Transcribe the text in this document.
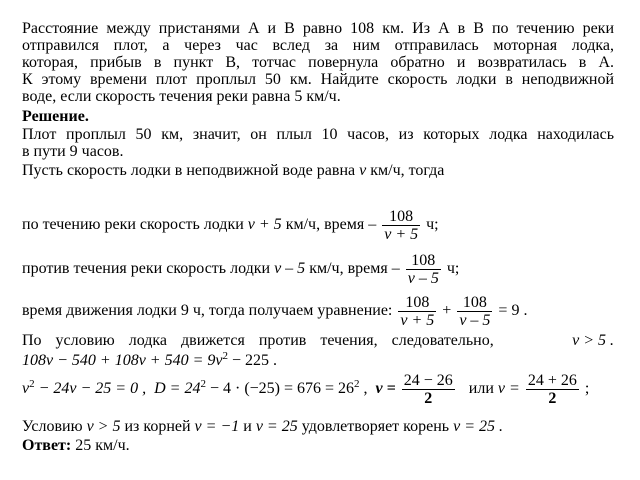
Расстояние между пристанями А и В равно 108 км. Из А в В по течению реки
отправился плот, а через час вслед за ним отправилась моторная лодка,
которая, прибыв в пункт В, тотчас повернула обратно и возвратилась в А.
К этому времени плот проплыл 50 км. Найдите скорость лодки в неподвижной
воде, если скорость течения реки равна 5 км/ч.
Решение.
Плот проплыл 50 км, значит, он плыл 10 часов, из которых лодка находилась
в пути 9 часов.
Пусть скорость лодки в неподвижной воде равна v км/ч, тогда
по течению реки скорость лодки v + 5 км/ч, время – $\frac{108}{v + 5} ч$;
против течения реки скорость лодки v – 5 км/ч, время – $\frac{108}{v - 5} ч$;
время движения лодки 9 ч, тогда получаем уравнение: $\frac{108}{v + 5} + \frac{108}{v - 5} = 9$ .
По условию лодка движется против течения, следовательно,	v > 5 .
$108v - 540 + 108v + 540 = 9v^2 - 225$ .
$v^2 - 24v - 25 = 0$ , $D = 24^2 - 4 \cdot (-25) = 676 = 26^2$ , $v = \frac{24 - 26}{2}$ или $v = \frac{24 + 26}{2}$ ;
Условию v > 5 из корней v = −1 и v = 25 удовлетворяет корень v = 25 .
Ответ: 25 км/ч.
